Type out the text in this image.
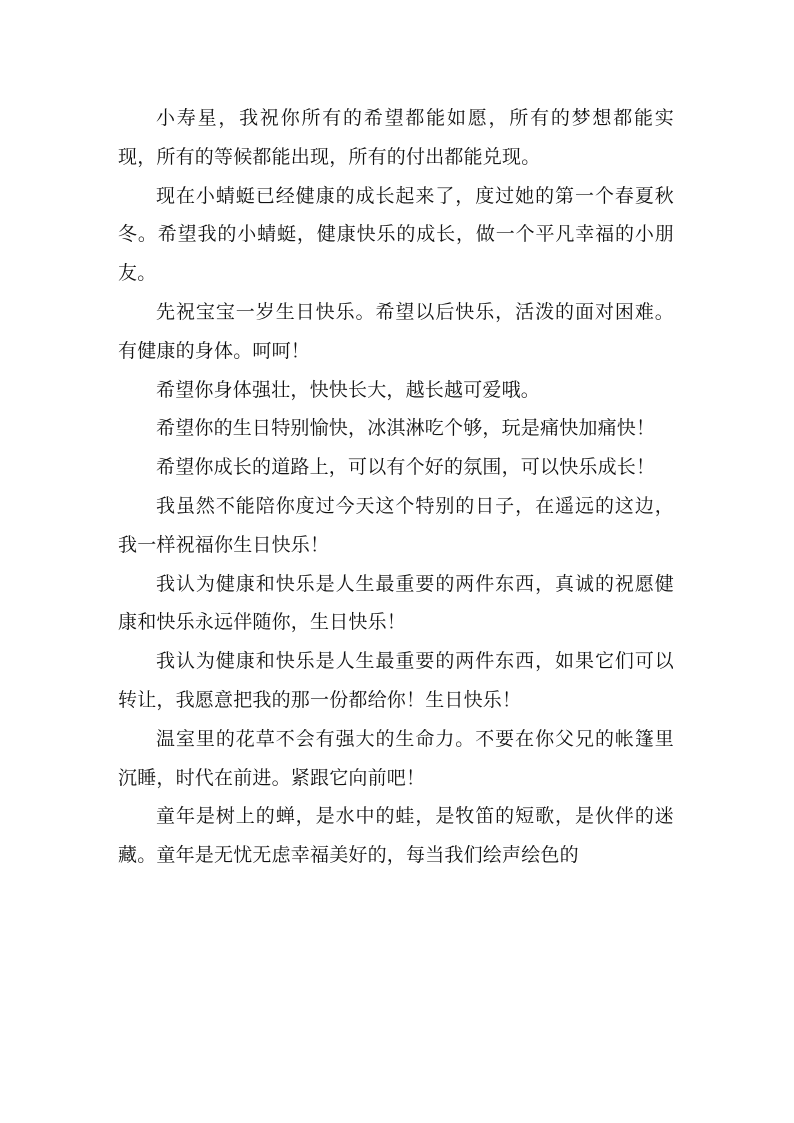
小寿星，我祝你所有的希望都能如愿，所有的梦想都能实现，所有的等候都能出现，所有的付出都能兑现。

现在小蜻蜓已经健康的成长起来了，度过她的第一个春夏秋冬。希望我的小蜻蜓，健康快乐的成长，做一个平凡幸福的小朋友。

先祝宝宝一岁生日快乐。希望以后快乐，活泼的面对困难。有健康的身体。呵呵！

希望你身体强壮，快快长大，越长越可爱哦。

希望你的生日特别愉快，冰淇淋吃个够，玩是痛快加痛快！

希望你成长的道路上，可以有个好的氛围，可以快乐成长！

我虽然不能陪你度过今天这个特别的日子，在遥远的这边，我一样祝福你生日快乐！

我认为健康和快乐是人生最重要的两件东西，真诚的祝愿健康和快乐永远伴随你，生日快乐！

我认为健康和快乐是人生最重要的两件东西，如果它们可以转让，我愿意把我的那一份都给你！生日快乐！

温室里的花草不会有强大的生命力。不要在你父兄的帐篷里沉睡，时代在前进。紧跟它向前吧！

童年是树上的蝉，是水中的蛙，是牧笛的短歌，是伙伴的迷藏。童年是无忧无虑幸福美好的，每当我们绘声绘色的
